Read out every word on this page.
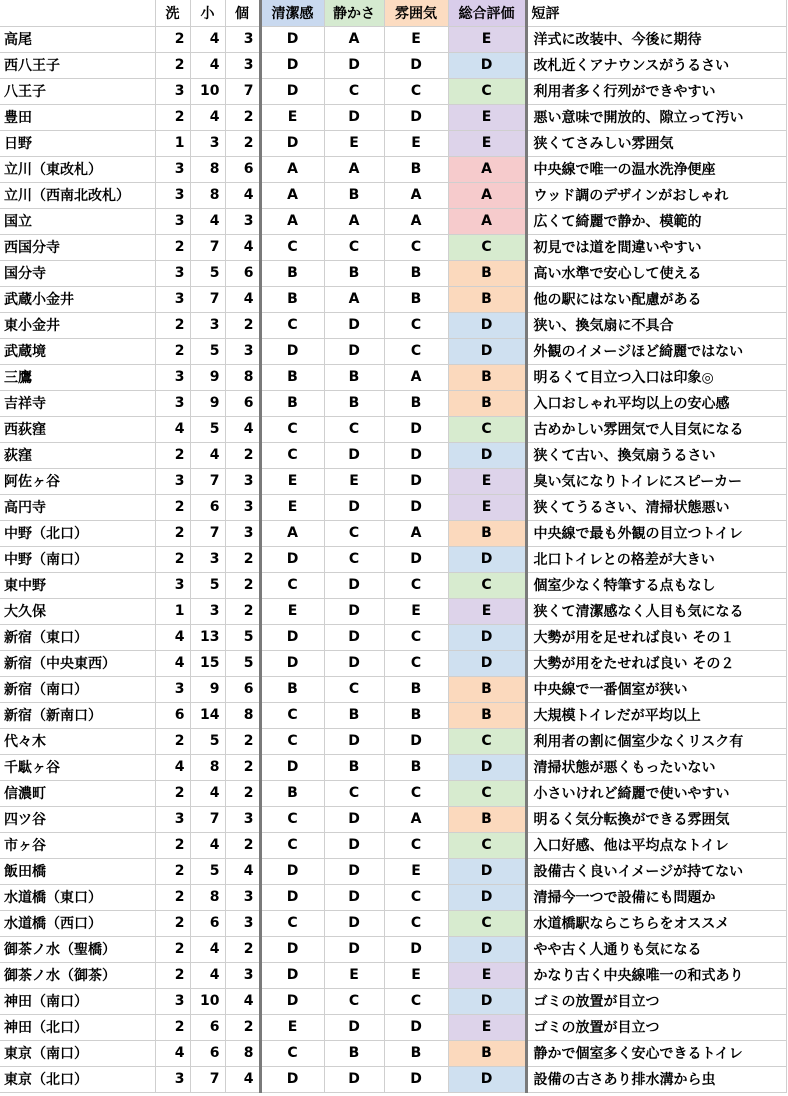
	洗	小	個	清潔感	静かさ	雰囲気	総合評価	短評
高尾	2	4	3	D	A	E	E	洋式に改装中、今後に期待
西八王子	2	4	3	D	D	D	D	改札近くアナウンスがうるさい
八王子	3	10	7	D	C	C	C	利用者多く行列ができやすい
豊田	2	4	2	E	D	D	E	悪い意味で開放的、隙立って汚い
日野	1	3	2	D	E	E	E	狭くてさみしい雰囲気
立川（東改札）	3	8	6	A	A	B	A	中央線で唯一の温水洗浄便座
立川（西南北改札）	3	8	4	A	B	A	A	ウッド調のデザインがおしゃれ
国立	3	4	3	A	A	A	A	広くて綺麗で静か、模範的
西国分寺	2	7	4	C	C	C	C	初見では道を間違いやすい
国分寺	3	5	6	B	B	B	B	高い水準で安心して使える
武蔵小金井	3	7	4	B	A	B	B	他の駅にはない配慮がある
東小金井	2	3	2	C	D	C	D	狭い、換気扇に不具合
武蔵境	2	5	3	D	D	C	D	外観のイメージほど綺麗ではない
三鷹	3	9	8	B	B	A	B	明るくて目立つ入口は印象◎
吉祥寺	3	9	6	B	B	B	B	入口おしゃれ平均以上の安心感
西荻窪	4	5	4	C	C	D	C	古めかしい雰囲気で人目気になる
荻窪	2	4	2	C	D	D	D	狭くて古い、換気扇うるさい
阿佐ヶ谷	3	7	3	E	E	D	E	臭い気になりトイレにスピーカー
高円寺	2	6	3	E	D	D	E	狭くてうるさい、清掃状態悪い
中野（北口）	2	7	3	A	C	A	B	中央線で最も外観の目立つトイレ
中野（南口）	2	3	2	D	C	D	D	北口トイレとの格差が大きい
東中野	3	5	2	C	D	C	C	個室少なく特筆する点もなし
大久保	1	3	2	E	D	E	E	狭くて清潔感なく人目も気になる
新宿（東口）	4	13	5	D	D	C	D	大勢が用を足せれば良い その１
新宿（中央東西）	4	15	5	D	D	C	D	大勢が用をたせれば良い その２
新宿（南口）	3	9	6	B	C	B	B	中央線で一番個室が狭い
新宿（新南口）	6	14	8	C	B	B	B	大規模トイレだが平均以上
代々木	2	5	2	C	D	D	C	利用者の割に個室少なくリスク有
千駄ヶ谷	4	8	2	D	B	B	D	清掃状態が悪くもったいない
信濃町	2	4	2	B	C	C	C	小さいけれど綺麗で使いやすい
四ツ谷	3	7	3	C	D	A	B	明るく気分転換ができる雰囲気
市ヶ谷	2	4	2	C	D	C	C	入口好感、他は平均点なトイレ
飯田橋	2	5	4	D	D	E	D	設備古く良いイメージが持てない
水道橋（東口）	2	8	3	D	D	C	D	清掃今一つで設備にも問題か
水道橋（西口）	2	6	3	C	D	C	C	水道橋駅ならこちらをオススメ
御茶ノ水（聖橋）	2	4	2	D	D	D	D	やや古く人通りも気になる
御茶ノ水（御茶）	2	4	3	D	E	E	E	かなり古く中央線唯一の和式あり
神田（南口）	3	10	4	D	C	C	D	ゴミの放置が目立つ
神田（北口）	2	6	2	E	D	D	E	ゴミの放置が目立つ
東京（南口）	4	6	8	C	B	B	B	静かで個室多く安心できるトイレ
東京（北口）	3	7	4	D	D	D	D	設備の古さあり排水溝から虫
